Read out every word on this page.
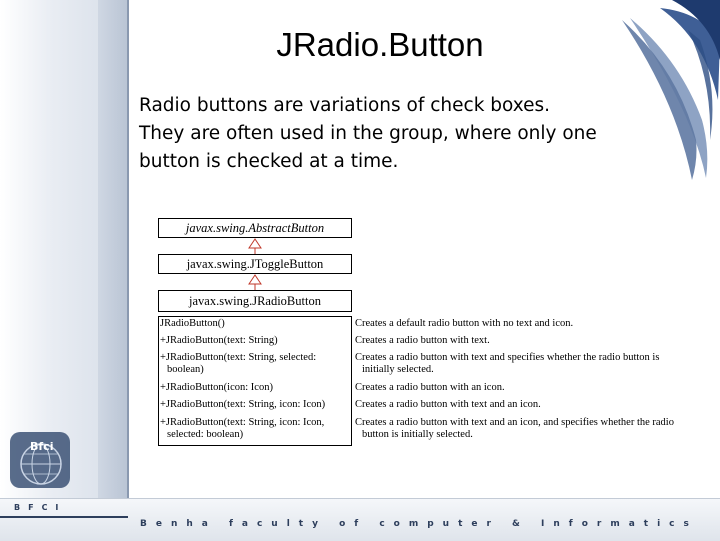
JRadio.Button
Radio buttons are variations of check boxes.
They are often used in the group, where only one
button is checked at a time.
javax.swing.AbstractButton
javax.swing.JToggleButton
javax.swing.JRadioButton
JRadioButton()
+JRadioButton(text: String)
+JRadioButton(text: String, selected:
boolean)
+JRadioButton(icon: Icon)
+JRadioButton(text: String, icon: Icon)
+JRadioButton(text: String, icon: Icon,
selected: boolean)
Creates a default radio button with no text and icon.
Creates a radio button with text.
Creates a radio button with text and specifies whether the radio button is
initially selected.
Creates a radio button with an icon.
Creates a radio button with text and an icon.
Creates a radio button with text and an icon, and specifies whether the radio
button is initially selected.
Bfci
BFCI
Benha faculty of computer & Informatics
